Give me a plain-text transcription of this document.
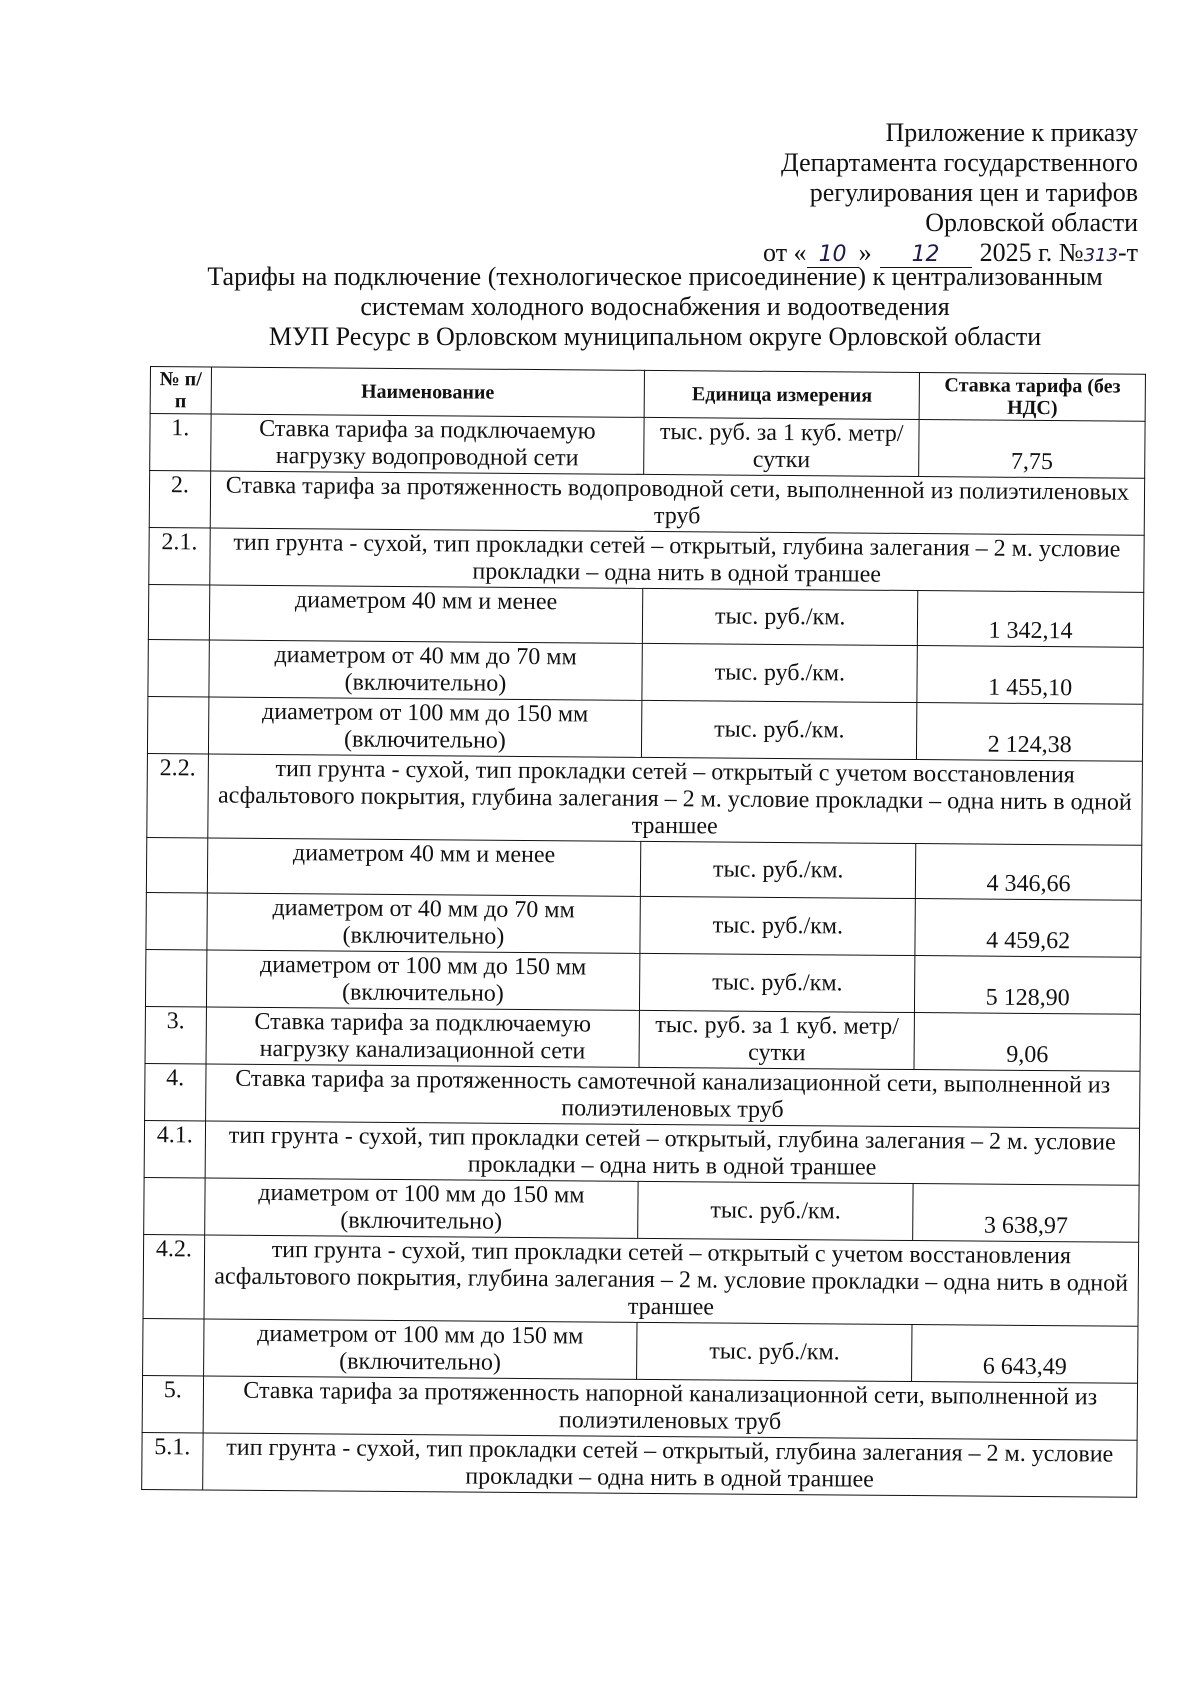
Приложение к приказу
Департамента государственного
регулирования цен и тарифов
Орловской области
от « 10 » 12 2025 г. №313-т
Тарифы на подключение (технологическое присоединение) к централизованным
системам холодного водоснабжения и водоотведения
МУП Ресурс в Орловском муниципальном округе Орловской области
№ п/п	Наименование	Единица измерения	Ставка тарифа (без НДС)
1.	Ставка тарифа за подключаемую нагрузку водопроводной сети	тыс. руб. за 1 куб. метр/сутки	7,75
2.	Ставка тарифа за протяженность водопроводной сети, выполненной из полиэтиленовых труб		
2.1.	тип грунта - сухой, тип прокладки сетей – открытый, глубина залегания – 2 м. условие прокладки – одна нить в одной траншее		
	диаметром 40 мм и менее	тыс. руб./км.	1 342,14
	диаметром от 40 мм до 70 мм (включительно)	тыс. руб./км.	1 455,10
	диаметром от 100 мм до 150 мм (включительно)	тыс. руб./км.	2 124,38
2.2.	тип грунта - сухой, тип прокладки сетей – открытый с учетом восстановления асфальтового покрытия, глубина залегания – 2 м. условие прокладки – одна нить в одной траншее		
	диаметром 40 мм и менее	тыс. руб./км.	4 346,66
	диаметром от 40 мм до 70 мм (включительно)	тыс. руб./км.	4 459,62
	диаметром от 100 мм до 150 мм (включительно)	тыс. руб./км.	5 128,90
3.	Ставка тарифа за подключаемую нагрузку канализационной сети	тыс. руб. за 1 куб. метр/сутки	9,06
4.	Ставка тарифа за протяженность самотечной канализационной сети, выполненной из полиэтиленовых труб		
4.1.	тип грунта - сухой, тип прокладки сетей – открытый, глубина залегания – 2 м. условие прокладки – одна нить в одной траншее		
	диаметром от 100 мм до 150 мм (включительно)	тыс. руб./км.	3 638,97
4.2.	тип грунта - сухой, тип прокладки сетей – открытый с учетом восстановления асфальтового покрытия, глубина залегания – 2 м. условие прокладки – одна нить в одной траншее		
	диаметром от 100 мм до 150 мм (включительно)	тыс. руб./км.	6 643,49
5.	Ставка тарифа за протяженность напорной канализационной сети, выполненной из полиэтиленовых труб		
5.1.	тип грунта - сухой, тип прокладки сетей – открытый, глубина залегания – 2 м. условие прокладки – одна нить в одной траншее		
